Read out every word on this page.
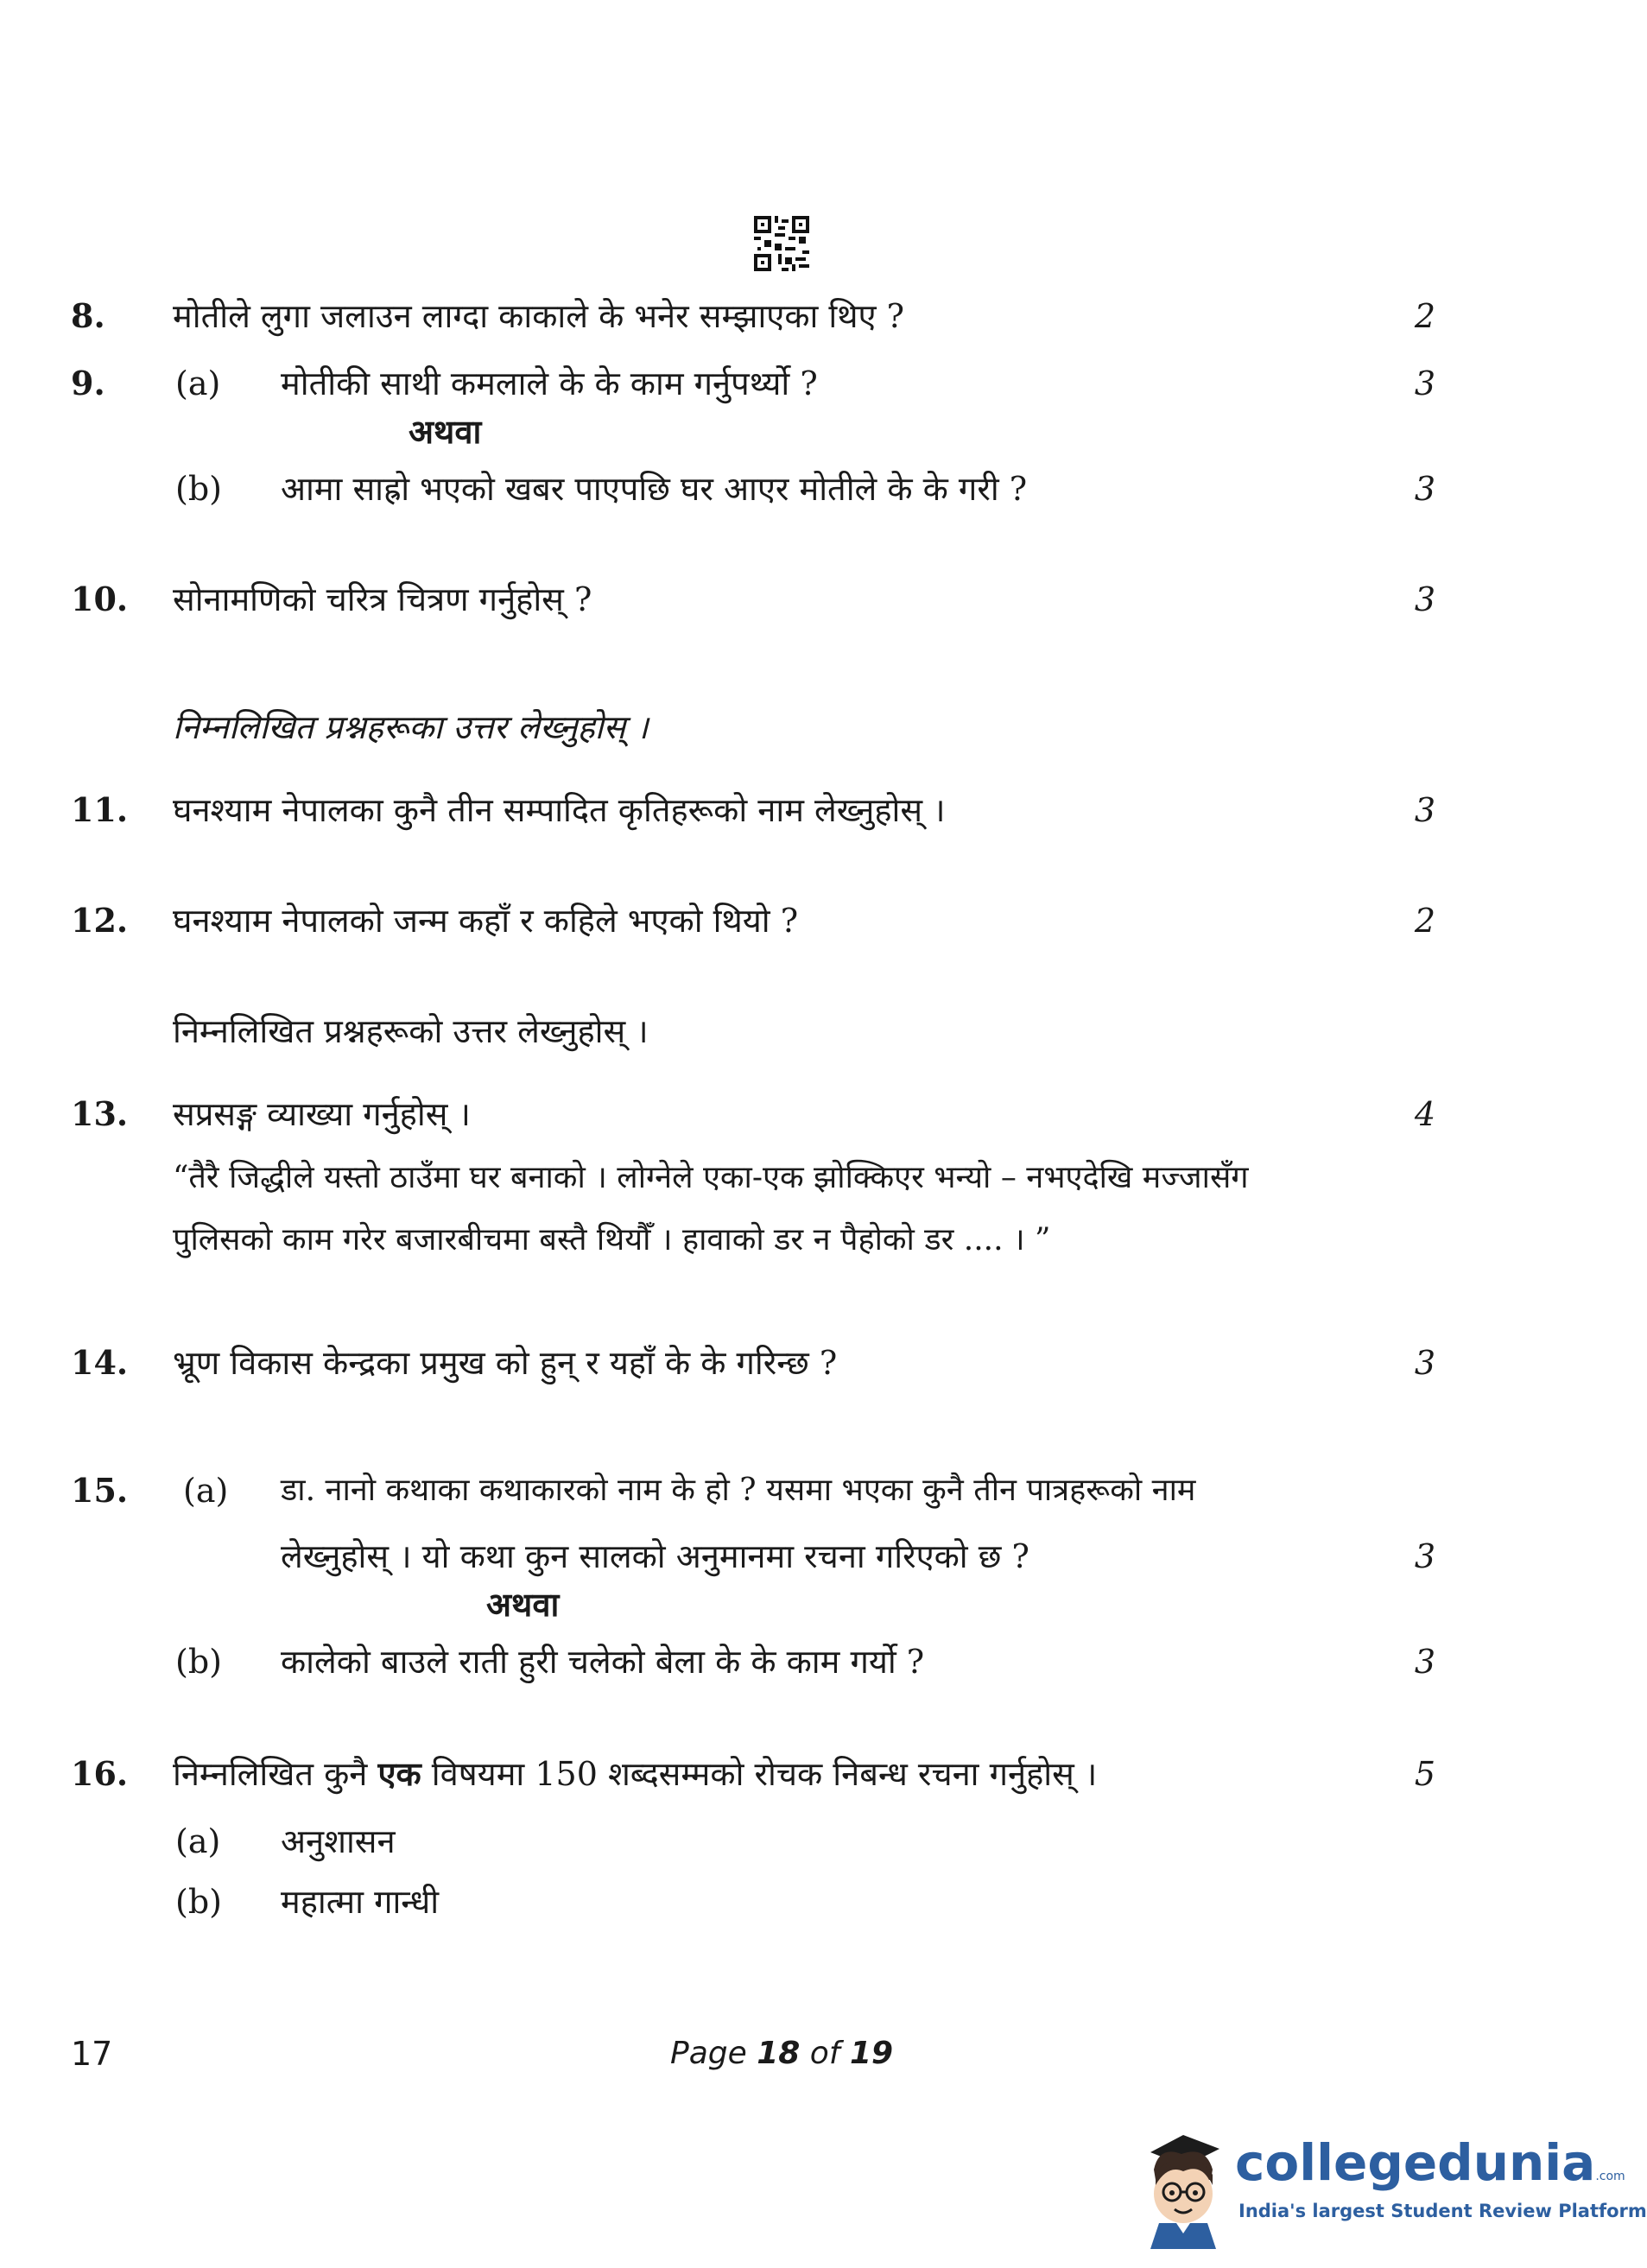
8. मोतीले लुगा जलाउन लाग्दा काकाले के भनेर सम्झाएका थिए ?	2
9. (a) मोतीकी साथी कमलाले के के काम गर्नुपर्थ्यो ?	3
अथवा
(b) आमा साह्रो भएको खबर पाएपछि घर आएर मोतीले के के गरी ?	3
10. सोनामणिको चरित्र चित्रण गर्नुहोस् ?	3
निम्नलिखित प्रश्नहरूका उत्तर लेख्नुहोस् ।
11. घनश्याम नेपालका कुनै तीन सम्पादित कृतिहरूको नाम लेख्नुहोस् ।	3
12. घनश्याम नेपालको जन्म कहाँ र कहिले भएको थियो ?	2
निम्नलिखित प्रश्नहरूको उत्तर लेख्नुहोस् ।
13. सप्रसङ्ग व्याख्या गर्नुहोस् ।	4
“तैरै जिद्धीले यस्तो ठाउँमा घर बनाको । लोग्नेले एका-एक झोक्किएर भन्यो – नभएदेखि मज्जासँग
पुलिसको काम गरेर बजारबीचमा बस्तै थियौँ । हावाको डर न पैहोको डर .... । ”
14. भ्रूण विकास केन्द्रका प्रमुख को हुन् र यहाँ के के गरिन्छ ?	3
15. (a) डा. नानो कथाका कथाकारको नाम के हो ? यसमा भएका कुनै तीन पात्रहरूको नाम
लेख्नुहोस् । यो कथा कुन सालको अनुमानमा रचना गरिएको छ ?	3
अथवा
(b) कालेको बाउले राती हुरी चलेको बेला के के काम गर्यो ?	3
16. निम्नलिखित कुनै एक विषयमा 150 शब्दसम्मको रोचक निबन्ध रचना गर्नुहोस् ।	5
(a) अनुशासन
(b) महात्मा गान्धी
17	Page 18 of 19
collegedunia.com
India's largest Student Review Platform
